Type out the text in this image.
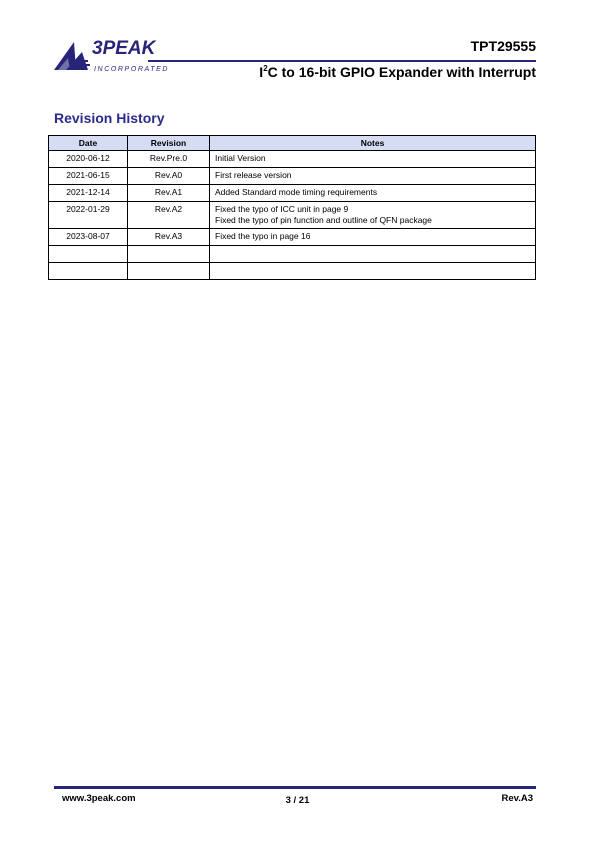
3PEAK
INCORPORATED
TPT29555
$I^2C$ to 16-bit GPIO Expander with Interrupt
Revision History
Date	Revision	Notes
2020-06-12	Rev.Pre.0	Initial Version

2021-06-15	Rev.A0	First release version

2021-12-14	Rev.A1	Added Standard mode timing requirements

2022-01-29	Rev.A2	Fixed the typo of ICC unit in page 9
Fixed the typo of pin function and outline of QFN package

2023-08-07	Rev.A3	Fixed the typo in page 16

www.3peak.com	3 / 21	Rev.A3
